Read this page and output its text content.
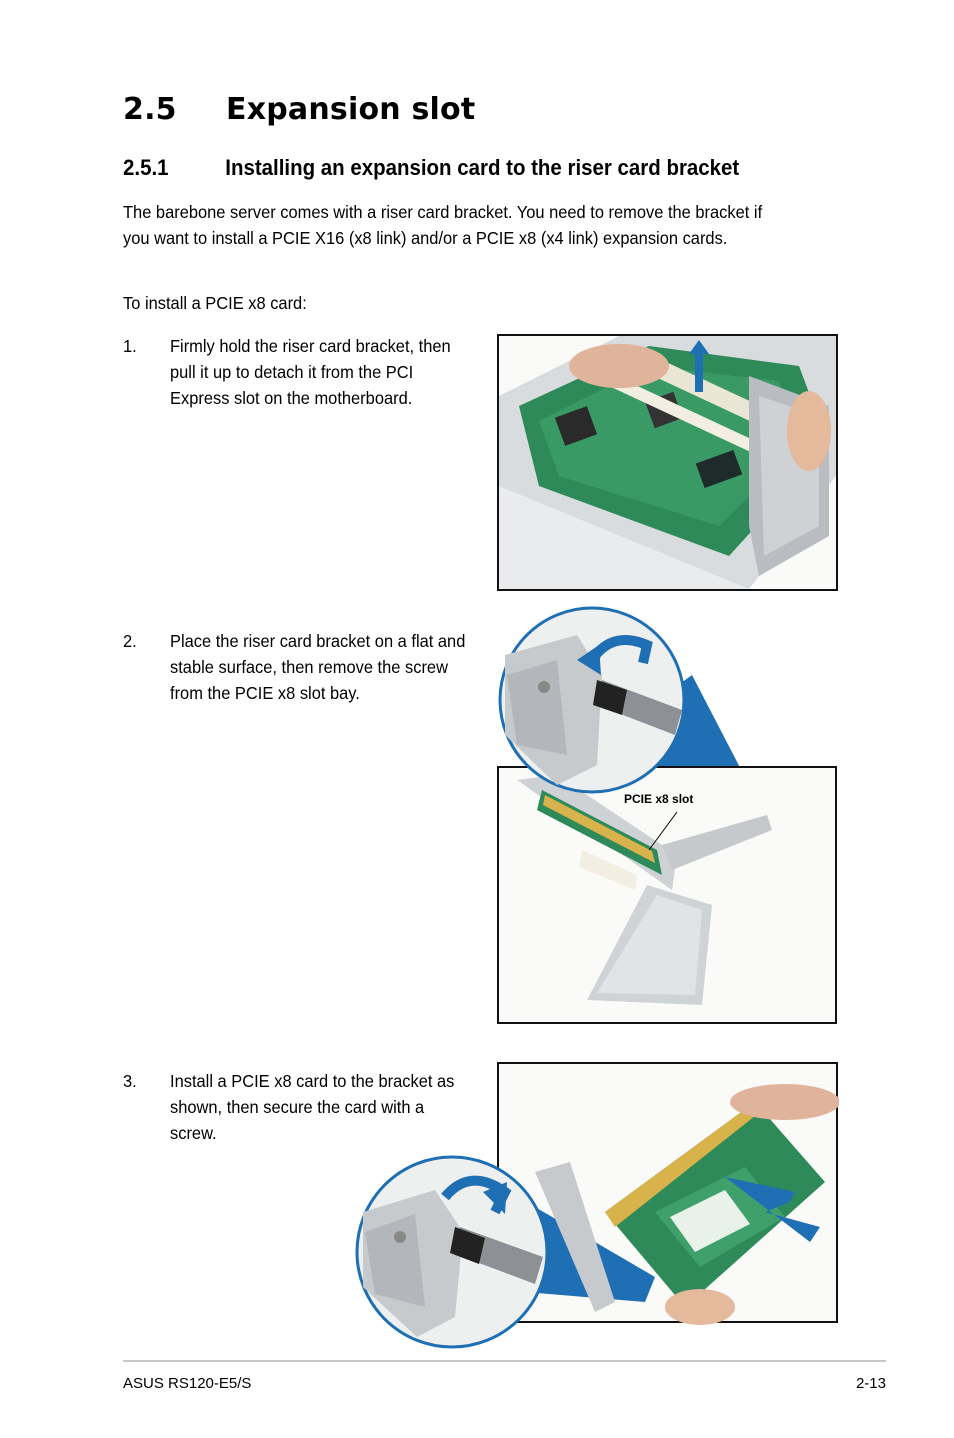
2.5 Expansion slot
2.5.1	Installing an expansion card to the riser card bracket

The barebone server comes with a riser card bracket. You need to remove the bracket if you want to install a PCIE X16 (x8 link) and/or a PCIE x8 (x4 link) expansion cards.

To install a PCIE x8 card:

1. Firmly hold the riser card bracket, then pull it up to detach it from the PCI Express slot on the motherboard.
2. Place the riser card bracket on a flat and stable surface, then remove the screw from the PCIE x8 slot bay.
PCIE x8 slot
3. Install a PCIE x8 card to the bracket as shown, then secure the card with a screw.
ASUS RS120-E5/S	2-13
